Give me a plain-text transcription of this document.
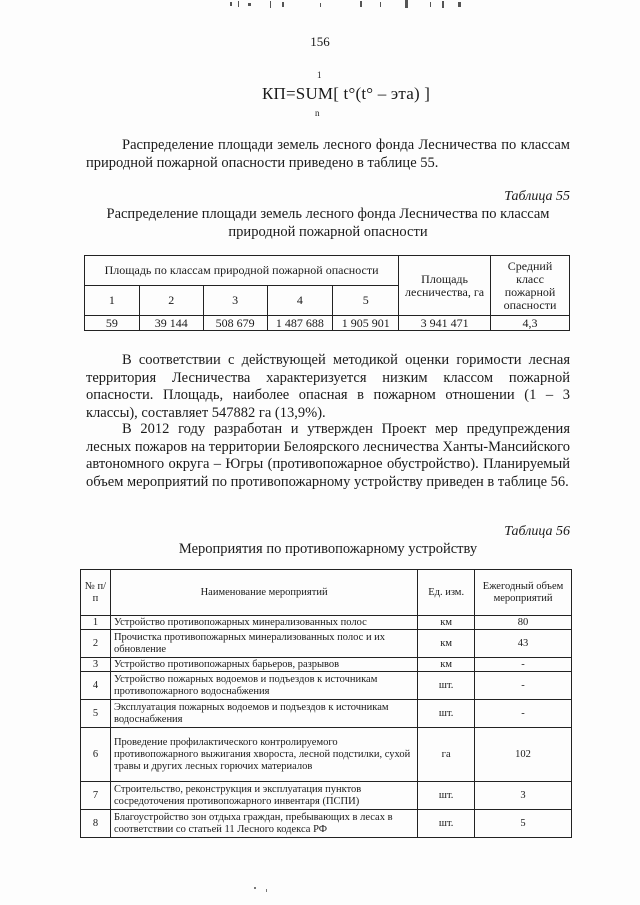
156
1
КП=SUM[ t°(t° – эта) ]
n
Распределение площади земель лесного фонда Лесничества по классам природной пожарной опасности приведено в таблице 55.
Таблица 55
Распределение площади земель лесного фонда Лесничества по классам природной пожарной опасности
Площадь по классам природной пожарной опасности					Площадь лесничества, га	Средний класс пожарной опасности
1	2	3	4	5		
59	39 144	508 679	1 487 688	1 905 901	3 941 471	4,3
В соответствии с действующей методикой оценки горимости лесная территория Лесничества характеризуется низким классом пожарной опасности. Площадь, наиболее опасная в пожарном отношении (1 – 3 классы), составляет 547882 га (13,9%).
В 2012 году разработан и утвержден Проект мер предупреждения лесных пожаров на территории Белоярского лесничества Ханты-Мансийского автономного округа – Югры (противопожарное обустройство). Планируемый объем мероприятий по противопожарному устройству приведен в таблице 56.
Таблица 56
Мероприятия по противопожарному устройству
№ п/п	Наименование мероприятий	Ед. изм.	Ежегодный объем мероприятий
1	Устройство противопожарных минерализованных полос	км	80
2	Прочистка противопожарных минерализованных полос и их обновление	км	43
3	Устройство противопожарных барьеров, разрывов	км	-
4	Устройство пожарных водоемов и подъездов к источникам противопожарного водоснабжения	шт.	-
5	Эксплуатация пожарных водоемов и подъездов к источникам водоснабжения	шт.	-
6	Проведение профилактического контролируемого противопожарного выжигания хвороста, лесной подстилки, сухой травы и других лесных горючих материалов	га	102
7	Строительство, реконструкция и эксплуатация пунктов сосредоточения противопожарного инвентаря (ПСПИ)	шт.	3
8	Благоустройство зон отдыха граждан, пребывающих в лесах в соответствии со статьей 11 Лесного кодекса РФ	шт.	5
